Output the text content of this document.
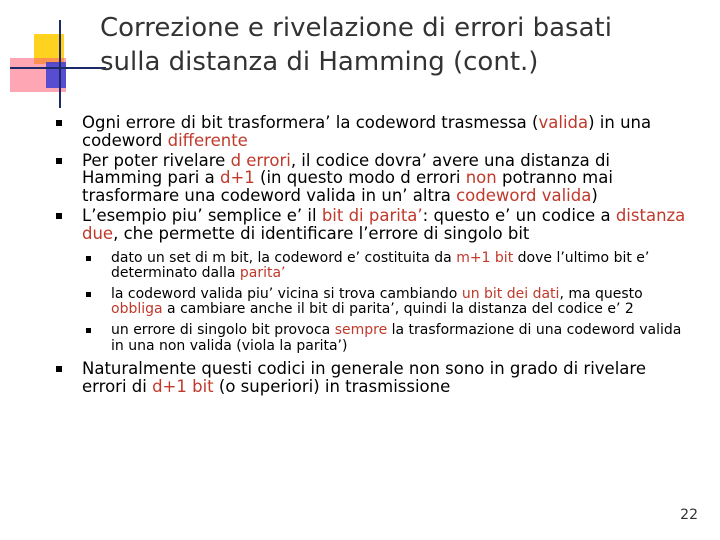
Correzione e rivelazione di errori basati
sulla distanza di Hamming (cont.)
Ogni errore di bit trasformera’ la codeword trasmessa (valida) in una codeword differente
Per poter rivelare d errori, il codice dovra’ avere una distanza di Hamming pari a d+1 (in questo modo d errori non potranno mai trasformare una codeword valida in un’ altra codeword valida)
L’esempio piu’ semplice e’ il bit di parita’: questo e’ un codice a distanza due, che permette di identificare l’errore di singolo bit
dato un set di m bit, la codeword e’ costituita da m+1 bit dove l’ultimo bit e’ determinato dalla parita’
la codeword valida piu’ vicina si trova cambiando un bit dei dati, ma questo obbliga a cambiare anche il bit di parita’, quindi la distanza del codice e’ 2
un errore di singolo bit provoca sempre la trasformazione di una codeword valida in una non valida (viola la parita’)
Naturalmente questi codici in generale non sono in grado di rivelare errori di d+1 bit (o superiori) in trasmissione
22
